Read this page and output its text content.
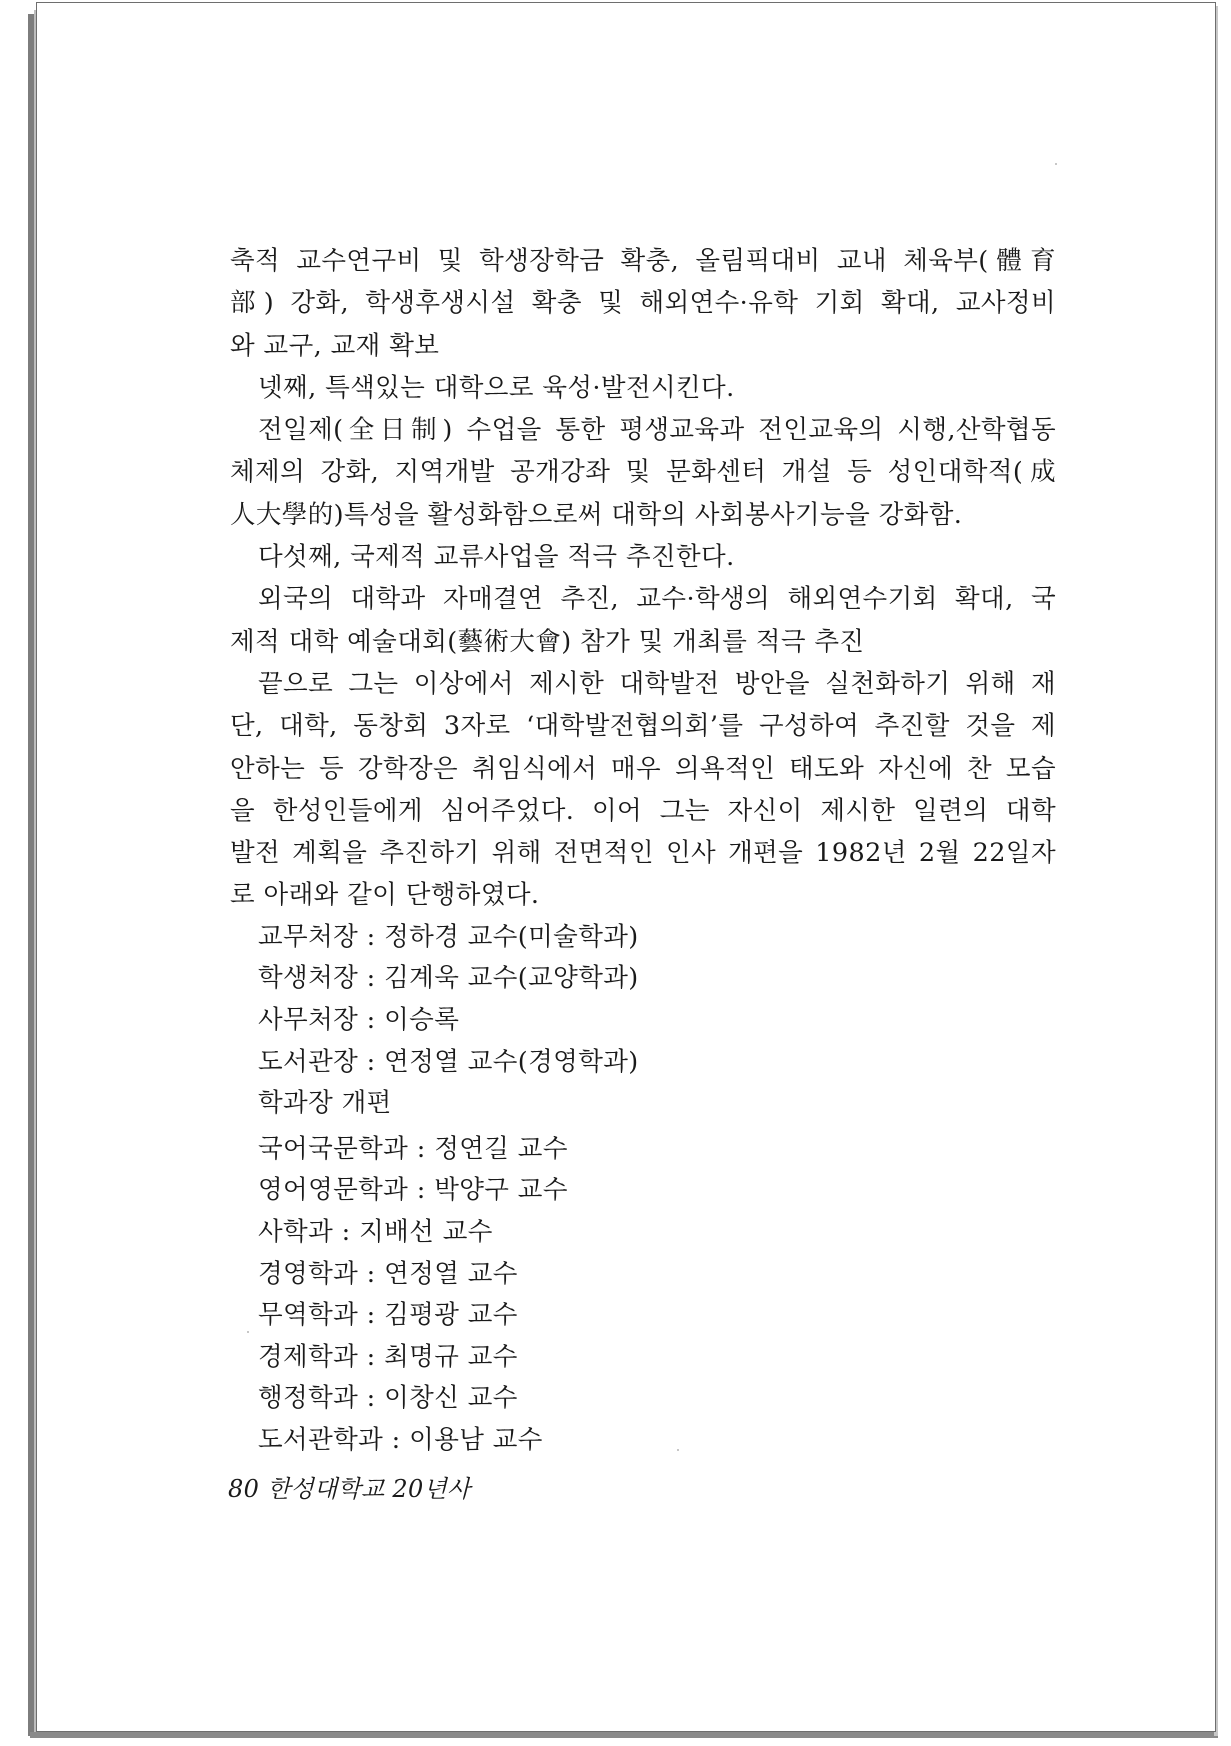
축적 교수연구비 및 학생장학금 확충, 올림픽대비 교내 체육부(體育
部) 강화, 학생후생시설 확충 및 해외연수·유학 기회 확대, 교사정비
와 교구, 교재 확보
넷째, 특색있는 대학으로 육성·발전시킨다.
전일제(全日制) 수업을 통한 평생교육과 전인교육의 시행,산학협동
체제의 강화, 지역개발 공개강좌 및 문화센터 개설 등 성인대학적(成
人大學的)특성을 활성화함으로써 대학의 사회봉사기능을 강화함.
다섯째, 국제적 교류사업을 적극 추진한다.
외국의 대학과 자매결연 추진, 교수·학생의 해외연수기회 확대, 국
제적 대학 예술대회(藝術大會) 참가 및 개최를 적극 추진
끝으로 그는 이상에서 제시한 대학발전 방안을 실천화하기 위해 재
단, 대학, 동창회 3자로 ‘대학발전협의회’를 구성하여 추진할 것을 제
안하는 등 강학장은 취임식에서 매우 의욕적인 태도와 자신에 찬 모습
을 한성인들에게 심어주었다. 이어 그는 자신이 제시한 일련의 대학
발전 계획을 추진하기 위해 전면적인 인사 개편을 1982년 2월 22일자
로 아래와 같이 단행하였다.
교무처장 : 정하경 교수(미술학과)
학생처장 : 김계욱 교수(교양학과)
사무처장 : 이승록
도서관장 : 연정열 교수(경영학과)
학과장 개편
국어국문학과 : 정연길 교수
영어영문학과 : 박양구 교수
사학과 : 지배선 교수
경영학과 : 연정열 교수
무역학과 : 김평광 교수
경제학과 : 최명규 교수
행정학과 : 이창신 교수
도서관학과 : 이용남 교수
80 한성대학교 20년사
